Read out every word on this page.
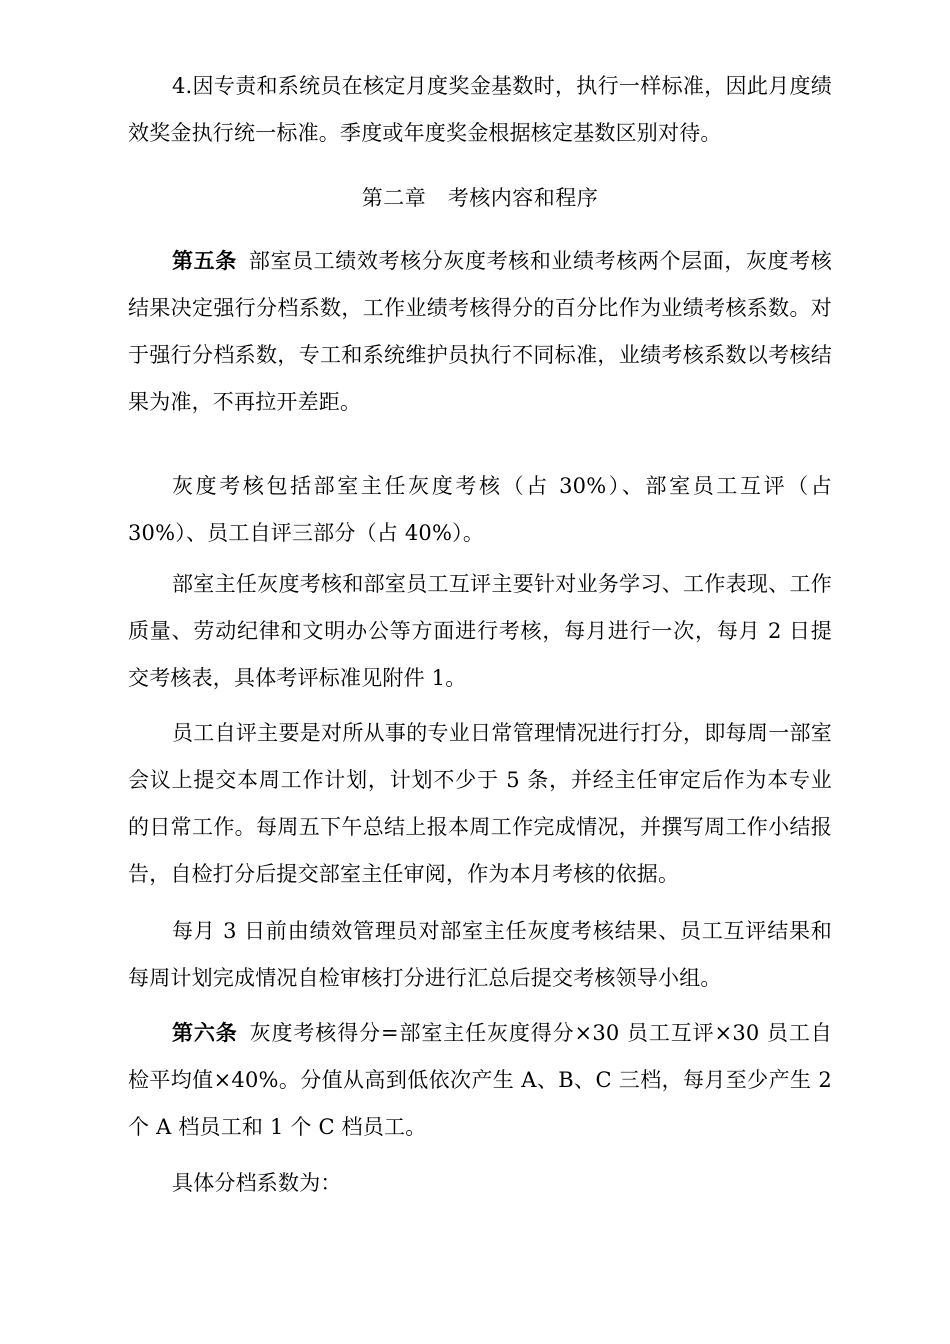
4.因专责和系统员在核定月度奖金基数时，执行一样标准，因此月度绩效奖金执行统一标准。季度或年度奖金根据核定基数区别对待。

第二章　考核内容和程序

第五条 部室员工绩效考核分灰度考核和业绩考核两个层面，灰度考核结果决定强行分档系数，工作业绩考核得分的百分比作为业绩考核系数。对于强行分档系数，专工和系统维护员执行不同标准，业绩考核系数以考核结果为准，不再拉开差距。

灰度考核包括部室主任灰度考核（占 30%）、部室员工互评（占 30%）、员工自评三部分（占 40%）。

部室主任灰度考核和部室员工互评主要针对业务学习、工作表现、工作质量、劳动纪律和文明办公等方面进行考核，每月进行一次，每月 2 日提交考核表，具体考评标准见附件 1。

员工自评主要是对所从事的专业日常管理情况进行打分，即每周一部室会议上提交本周工作计划，计划不少于 5 条，并经主任审定后作为本专业的日常工作。每周五下午总结上报本周工作完成情况，并撰写周工作小结报告，自检打分后提交部室主任审阅，作为本月考核的依据。

每月 3 日前由绩效管理员对部室主任灰度考核结果、员工互评结果和每周计划完成情况自检审核打分进行汇总后提交考核领导小组。

第六条 灰度考核得分=部室主任灰度得分×30 员工互评×30 员工自检平均值×40%。分值从高到低依次产生 A、B、C 三档，每月至少产生 2 个 A 档员工和 1 个 C 档员工。

具体分档系数为：
